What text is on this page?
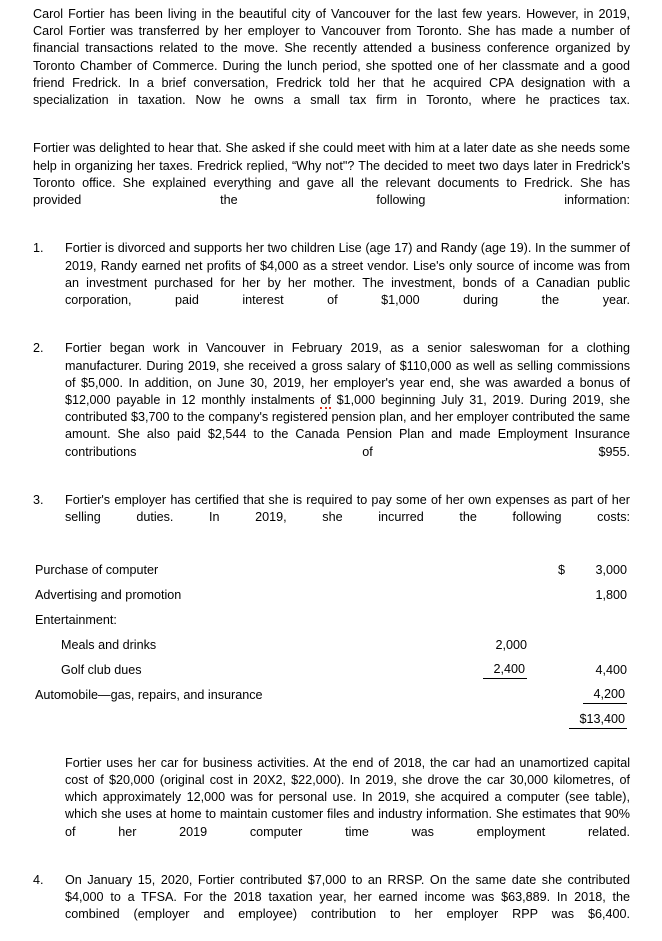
Carol Fortier has been living in the beautiful city of Vancouver for the last few years. However, in 2019, Carol Fortier was transferred by her employer to Vancouver from Toronto. She has made a number of financial transactions related to the move. She recently attended a business conference organized by Toronto Chamber of Commerce. During the lunch period, she spotted one of her classmate and a good friend Fredrick. In a brief conversation, Fredrick told her that he acquired CPA designation with a specialization in taxation. Now he owns a small tax firm in Toronto, where he practices tax.

Fortier was delighted to hear that. She asked if she could meet with him at a later date as she needs some help in organizing her taxes. Fredrick replied, “Why not"? The decided to meet two days later in Fredrick's Toronto office. She explained everything and gave all the relevant documents to Fredrick. She has provided the following information:

1. Fortier is divorced and supports her two children Lise (age 17) and Randy (age 19). In the summer of 2019, Randy earned net profits of $4,000 as a street vendor. Lise's only source of income was from an investment purchased for her by her mother. The investment, bonds of a Canadian public corporation, paid interest of $1,000 during the year.
2. Fortier began work in Vancouver in February 2019, as a senior saleswoman for a clothing manufacturer. During 2019, she received a gross salary of $110,000 as well as selling commissions of $5,000. In addition, on June 30, 2019, her employer's year end, she was awarded a bonus of $12,000 payable in 12 monthly instalments of $1,000 beginning July 31, 2019. During 2019, she contributed $3,700 to the company's registered pension plan, and her employer contributed the same amount. She also paid $2,544 to the Canada Pension Plan and made Employment Insurance contributions of $955.
3. Fortier's employer has certified that she is required to pay some of her own expenses as part of her selling duties. In 2019, she incurred the following costs:
Purchase of computer		$	3,000
Advertising and promotion			1,800
Entertainment:			
Meals and drinks	2,000		
Golf club dues	2,400		4,400
Automobile—gas, repairs, and insurance			4,200
			$13,400

Fortier uses her car for business activities. At the end of 2018, the car had an unamortized capital cost of $20,000 (original cost in 20X2, $22,000). In 2019, she drove the car 30,000 kilometres, of which approximately 12,000 was for personal use. In 2019, she acquired a computer (see table), which she uses at home to maintain customer files and industry information. She estimates that 90% of her 2019 computer time was employment related.

4. On January 15, 2020, Fortier contributed $7,000 to an RRSP. On the same date she contributed $4,000 to a TFSA. For the 2018 taxation year, her earned income was $63,889. In 2018, the combined (employer and employee) contribution to her employer RPP was $6,400.
